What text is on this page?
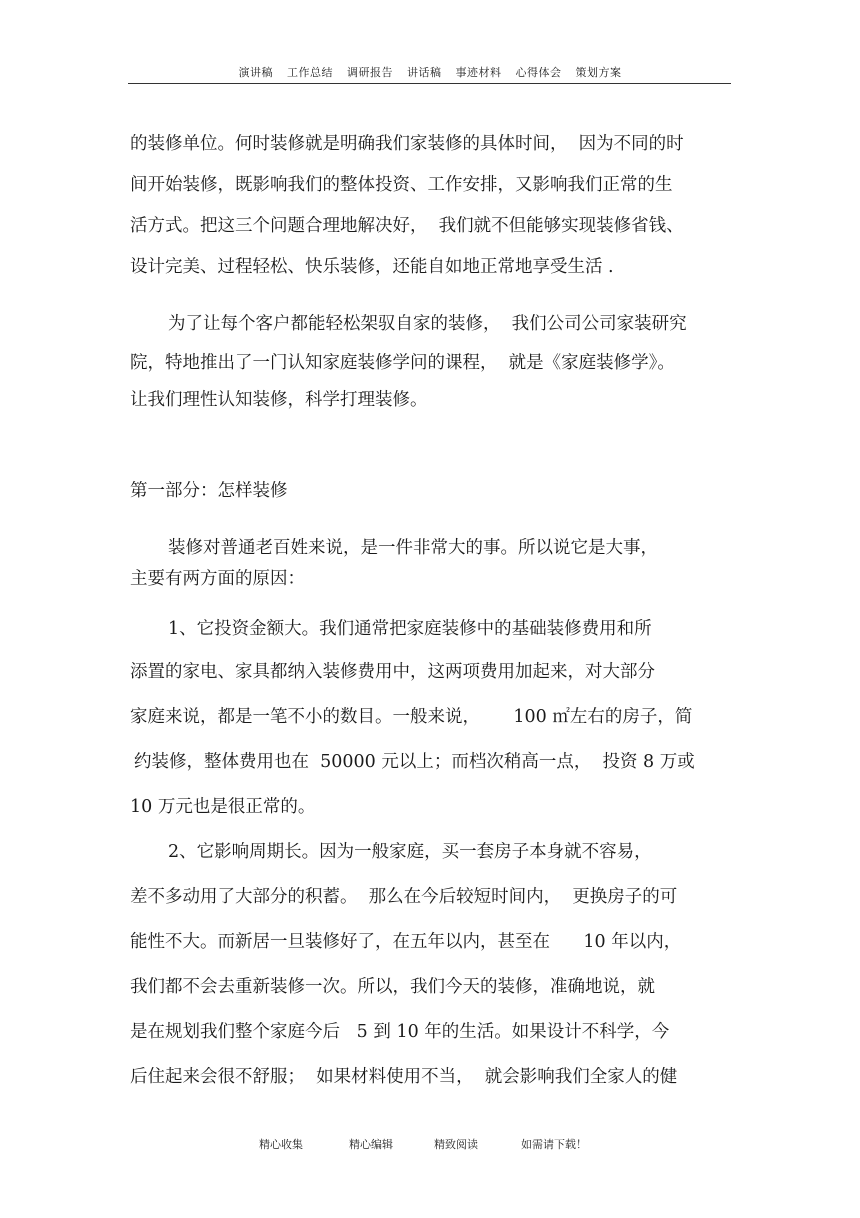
演讲稿 工作总结 调研报告 讲话稿 事迹材料 心得体会 策划方案
的装修单位。何时装修就是明确我们家装修的具体时间，  因为不同的时
间开始装修，既影响我们的整体投资、工作安排，又影响我们正常的生
活方式。把这三个问题合理地解决好，  我们就不但能够实现装修省钱、
设计完美、过程轻松、快乐装修，还能自如地正常地享受生活 .
为了让每个客户都能轻松架驭自家的装修，  我们公司公司家装研究
院，特地推出了一门认知家庭装修学问的课程，  就是《家庭装修学》。
让我们理性认知装修，科学打理装修。
第一部分：怎样装修
装修对普通老百姓来说，是一件非常大的事。所以说它是大事，
主要有两方面的原因：
1、它投资金额大。我们通常把家庭装修中的基础装修费用和所
添置的家电、家具都纳入装修费用中，这两项费用加起来，对大部分
家庭来说，都是一笔不小的数目。一般来说，      100 ㎡左右的房子，简
约装修，整体费用也在  50000 元以上；而档次稍高一点，  投资 8 万或
10 万元也是很正常的。
2、它影响周期长。因为一般家庭，买一套房子本身就不容易，
差不多动用了大部分的积蓄。  那么在今后较短时间内，  更换房子的可
能性不大。而新居一旦装修好了，在五年以内，甚至在      10 年以内，
我们都不会去重新装修一次。所以，我们今天的装修，准确地说，就
是在规划我们整个家庭今后   5 到 10 年的生活。如果设计不科学，今
后住起来会很不舒服；  如果材料使用不当，  就会影响我们全家人的健
精心收集	精心编辑	精致阅读	如需请下载！
